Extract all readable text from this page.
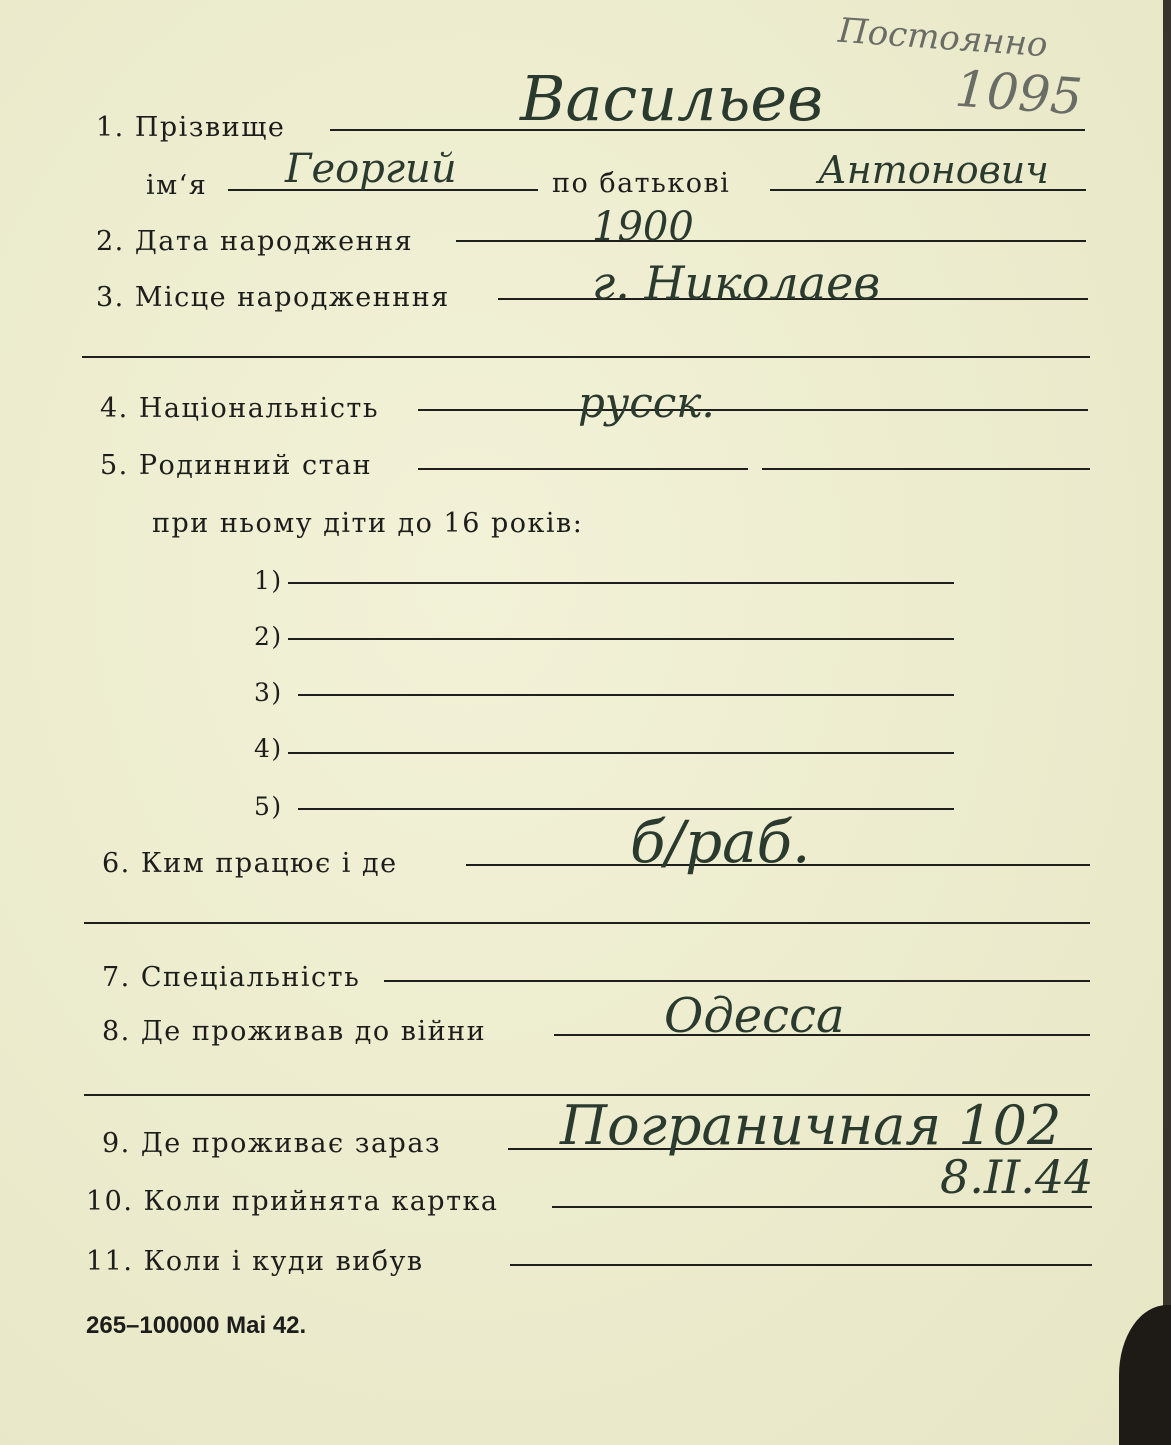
Постоянно
1095
1. Прізвище	Васильев
ім‘я Георгий	по батькові Антонович
2. Дата народження	1900
3. Місце народженння	г. Николаев
4. Національність	русск.
5. Родинний стан
при ньому діти до 16 років:
1)
2)
3)
4)
5)
6. Ким працює і де	б/раб.
7. Спеціальність
8. Де проживав до війни	Одесса
9. Де проживає зараз Пограничная 102
10. Коли прийнята картка	8.II.44
11. Коли і куди вибув
265–100000 Mai 42.
